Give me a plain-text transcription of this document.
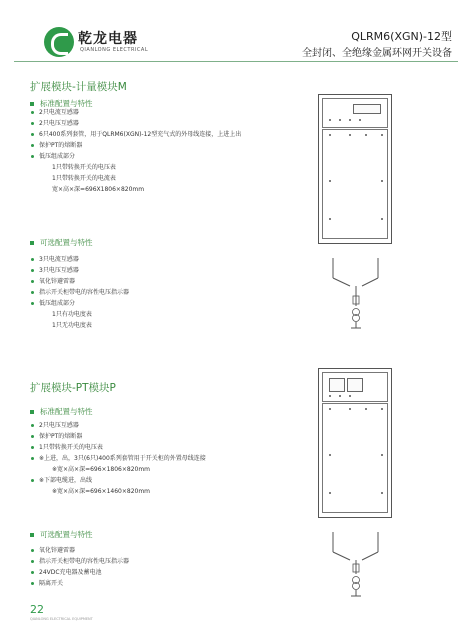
乾龙电器
QIANLONG ELECTRICAL
QLRM6(XGN)-12型
全封闭、全绝缘金属环网开关设备
扩展模块-计量模块M
标准配置与特性
2只电流互感器
2只电压互感器
6只400系列套管，用于QLRM6(XGN)-12型充气式的外母线连接，上进上出
保护PT的熔断器
低压组成部分
1只带转换开关的电压表
1只带转换开关的电流表
宽×高×深=696X1806×820mm
可选配置与特性
3只电流互感器
3只电压互感器
氧化锌避雷器
指示开关柜带电的容性电压指示器
低压组成部分
1只有功电度表
1只无功电度表
扩展模块-PT模块P
标准配置与特性
2只电压互感器
保护PT的熔断器
1只带转换开关的电压表
※上进，出，3只(6只)400系列套管用于开关柜的外置母线连接
※宽×高×深=696×1806×820mm
※下部电缆进，出线
※宽×高×深=696×1460×820mm
可选配置与特性
氧化锌避雷器
指示开关柜带电的容性电压指示器
24VDC充电器及蓄电池
隔离开关
22
QIANLONG ELECTRICAL EQUIPMENT
